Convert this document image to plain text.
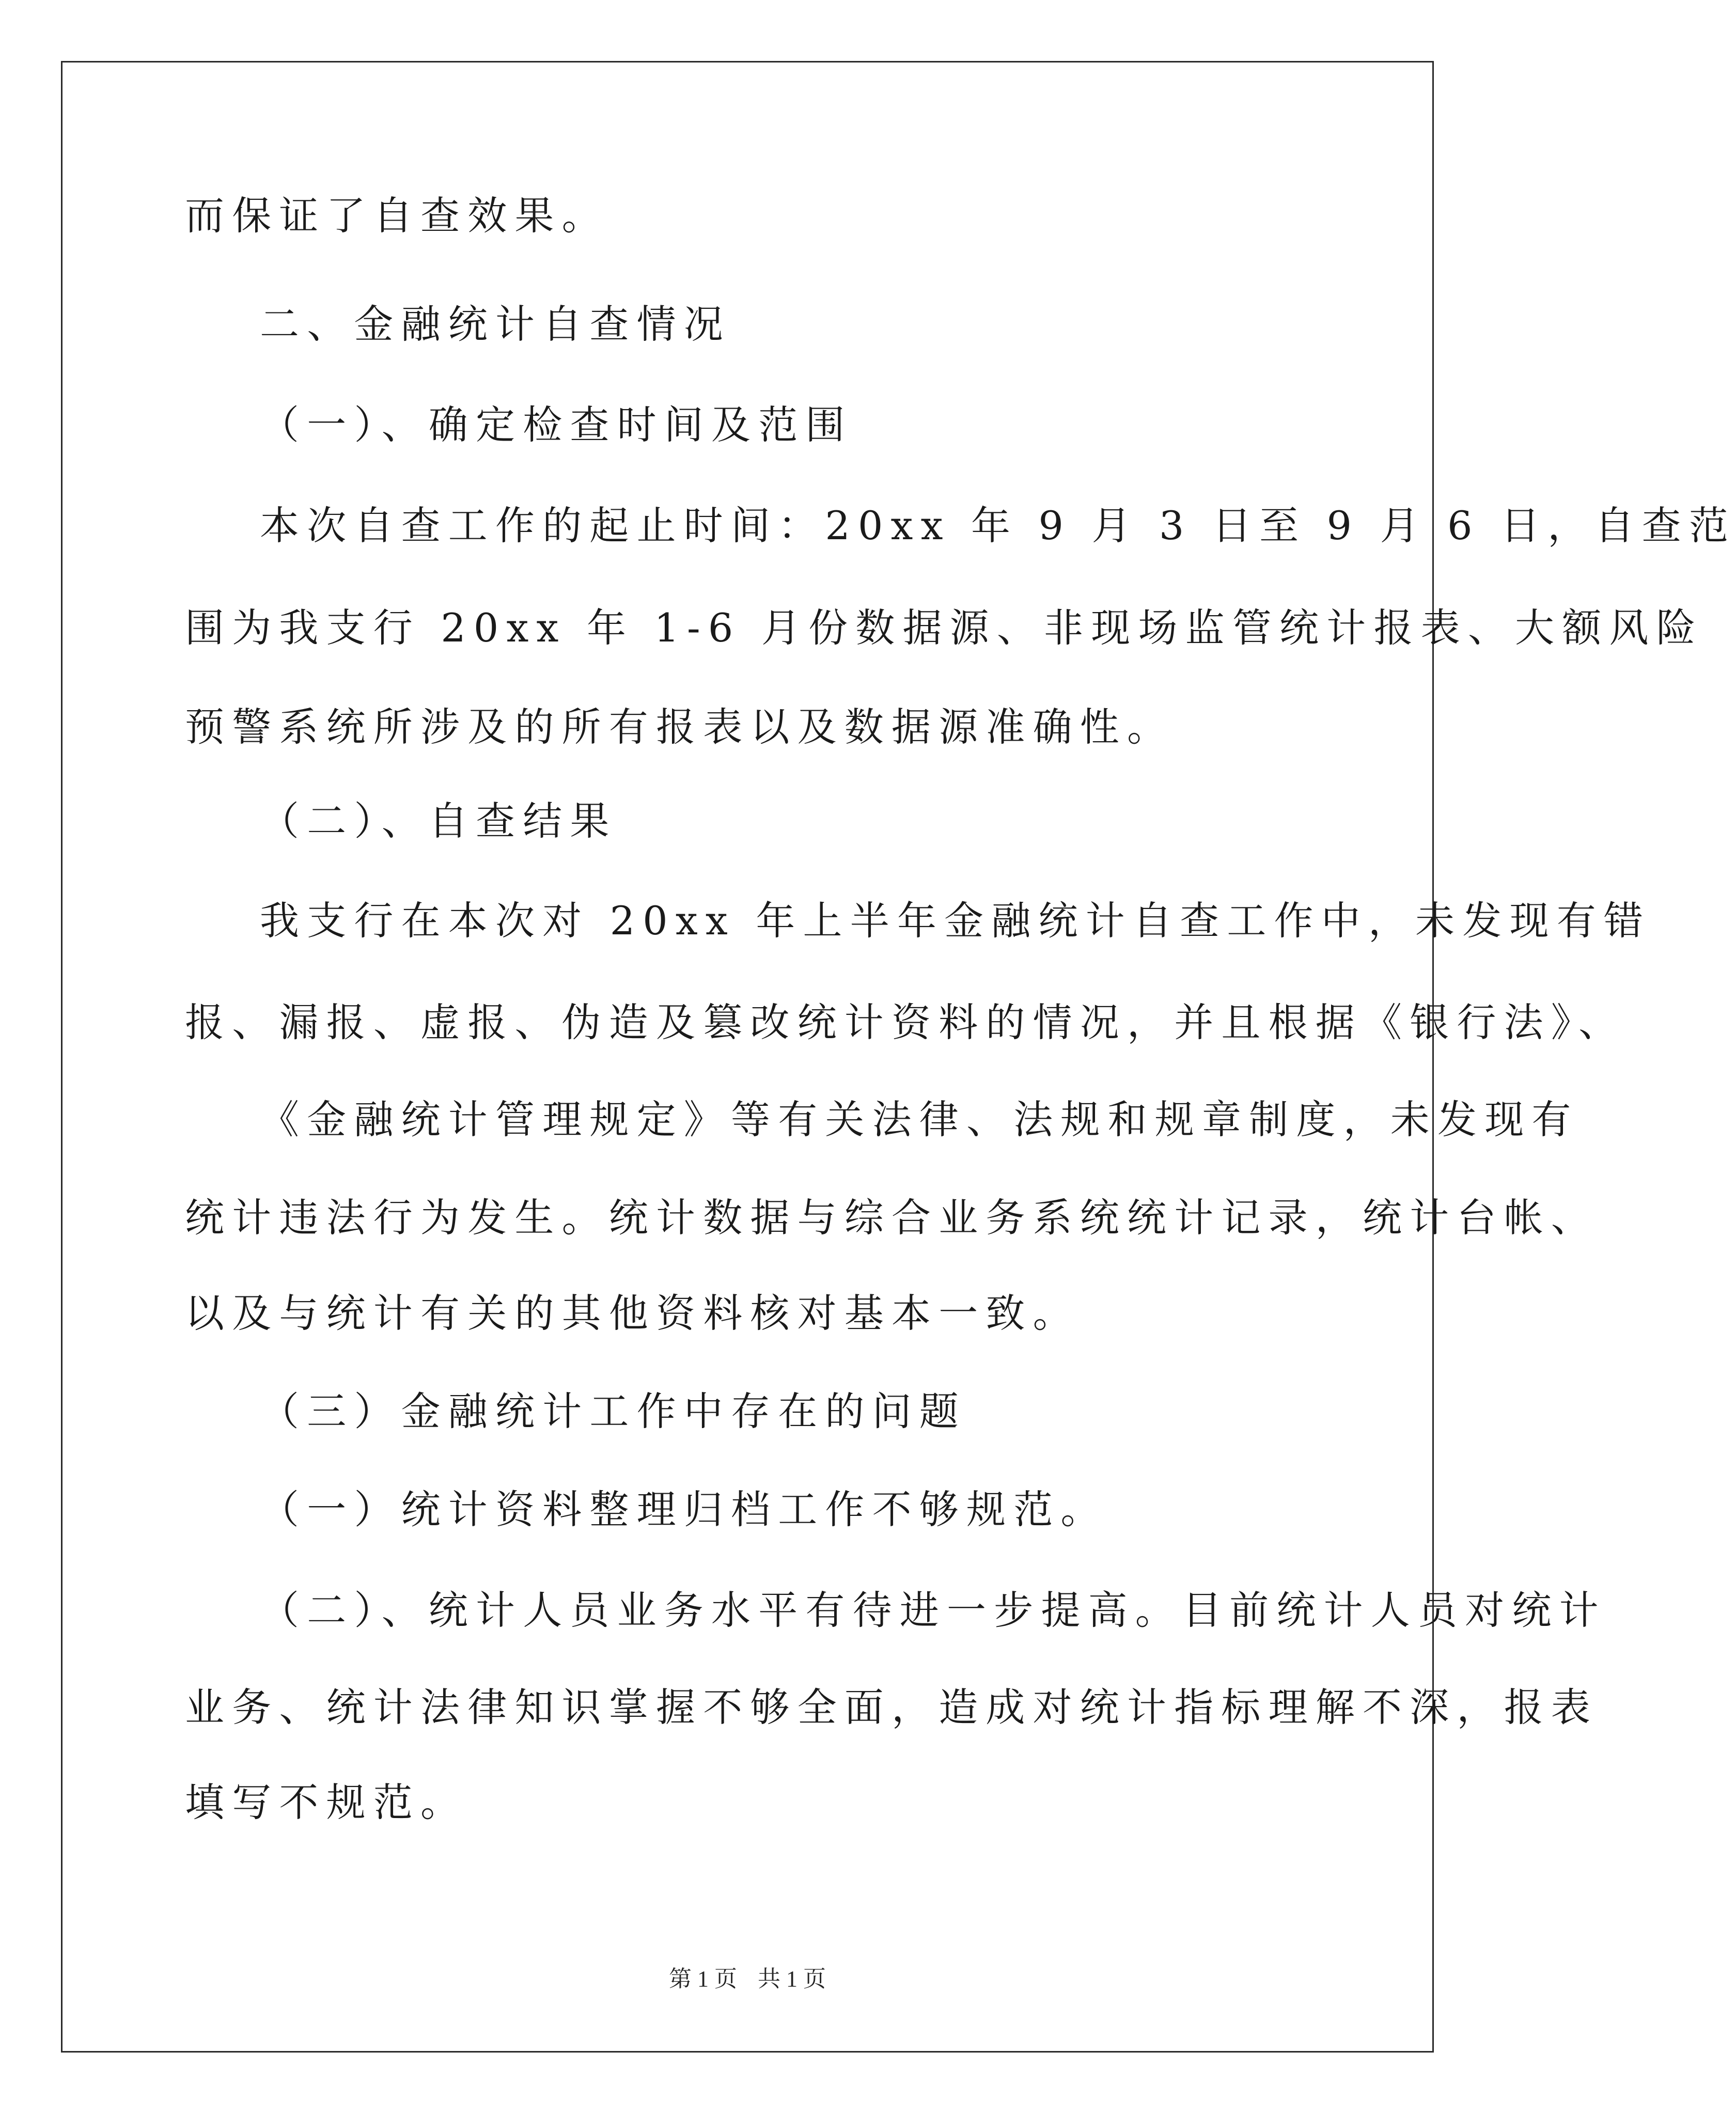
而保证了自查效果。
二、金融统计自查情况
（一）、确定检查时间及范围
本次自查工作的起止时间：20xx 年 9 月 3 日至 9 月 6 日，自查范
围为我支行 20xx 年 1-6 月份数据源、非现场监管统计报表、大额风险
预警系统所涉及的所有报表以及数据源准确性。
（二）、自查结果
我支行在本次对 20xx 年上半年金融统计自查工作中，未发现有错
报、漏报、虚报、伪造及篡改统计资料的情况，并且根据《银行法》、
《金融统计管理规定》等有关法律、法规和规章制度，未发现有
统计违法行为发生。统计数据与综合业务系统统计记录，统计台帐、
以及与统计有关的其他资料核对基本一致。
（三）金融统计工作中存在的问题
（一）统计资料整理归档工作不够规范。
（二）、统计人员业务水平有待进一步提高。目前统计人员对统计
业务、统计法律知识掌握不够全面，造成对统计指标理解不深，报表
填写不规范。
第 1 页 共 1 页
